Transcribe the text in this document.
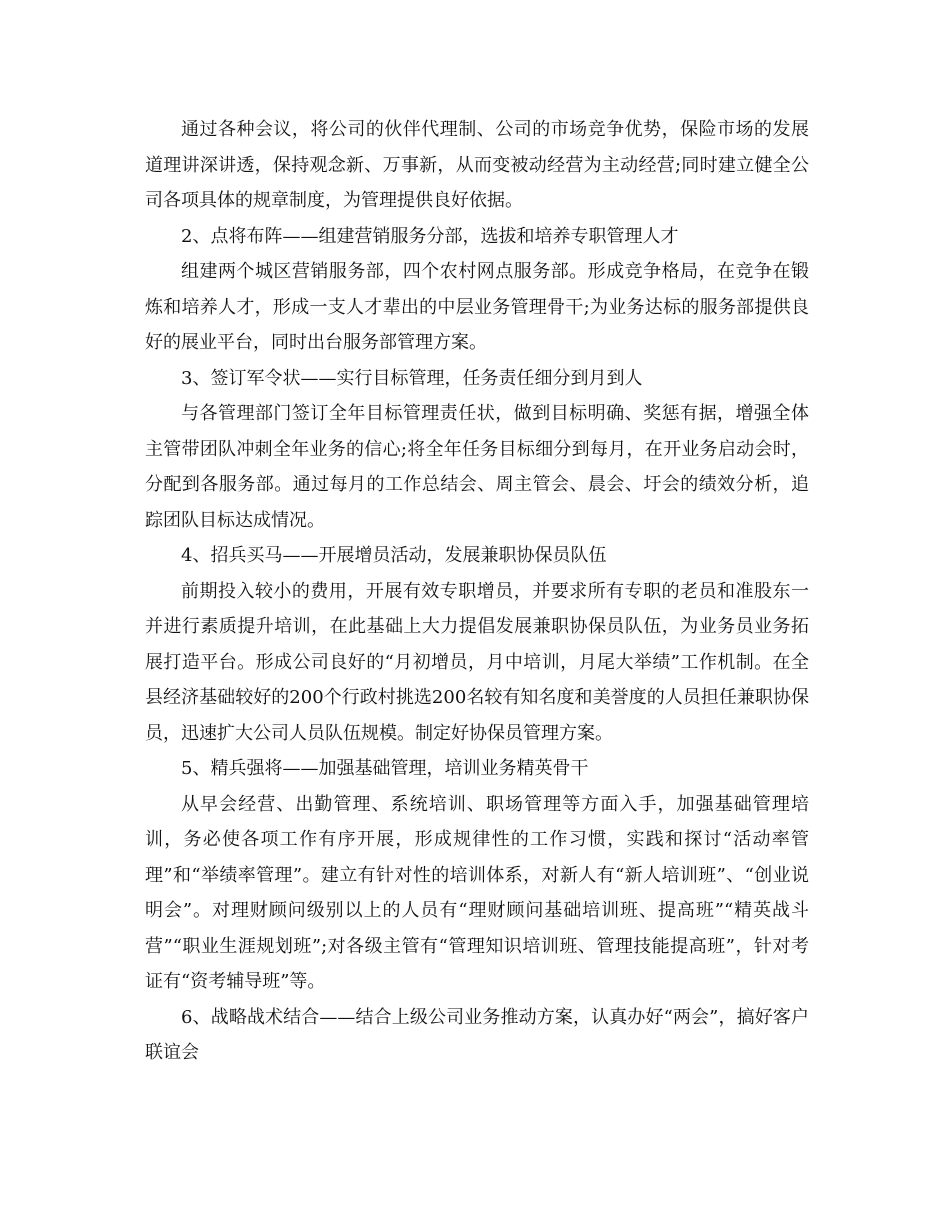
通过各种会议，将公司的伙伴代理制、公司的市场竞争优势，保险市场的发展道理讲深讲透，保持观念新、万事新，从而变被动经营为主动经营;同时建立健全公司各项具体的规章制度，为管理提供良好依据。

2、点将布阵——组建营销服务分部，选拔和培养专职管理人才

组建两个城区营销服务部，四个农村网点服务部。形成竞争格局，在竞争在锻炼和培养人才，形成一支人才辈出的中层业务管理骨干;为业务达标的服务部提供良好的展业平台，同时出台服务部管理方案。

3、签订军令状——实行目标管理，任务责任细分到月到人

与各管理部门签订全年目标管理责任状，做到目标明确、奖惩有据，增强全体主管带团队冲刺全年业务的信心;将全年任务目标细分到每月，在开业务启动会时，分配到各服务部。通过每月的工作总结会、周主管会、晨会、圩会的绩效分析，追踪团队目标达成情况。

4、招兵买马——开展增员活动，发展兼职协保员队伍

前期投入较小的费用，开展有效专职增员，并要求所有专职的老员和准股东一并进行素质提升培训，在此基础上大力提倡发展兼职协保员队伍，为业务员业务拓展打造平台。形成公司良好的“月初增员，月中培训，月尾大举绩”工作机制。在全县经济基础较好的200个行政村挑选200名较有知名度和美誉度的人员担任兼职协保员，迅速扩大公司人员队伍规模。制定好协保员管理方案。

5、精兵强将——加强基础管理，培训业务精英骨干

从早会经营、出勤管理、系统培训、职场管理等方面入手，加强基础管理培训，务必使各项工作有序开展，形成规律性的工作习惯，实践和探讨“活动率管理”和“举绩率管理”。建立有针对性的培训体系，对新人有“新人培训班”、“创业说明会”。对理财顾问级别以上的人员有“理财顾问基础培训班、提高班”“精英战斗营”“职业生涯规划班”;对各级主管有“管理知识培训班、管理技能提高班”，针对考证有“资考辅导班”等。

6、战略战术结合——结合上级公司业务推动方案，认真办好“两会”，搞好客户联谊会
